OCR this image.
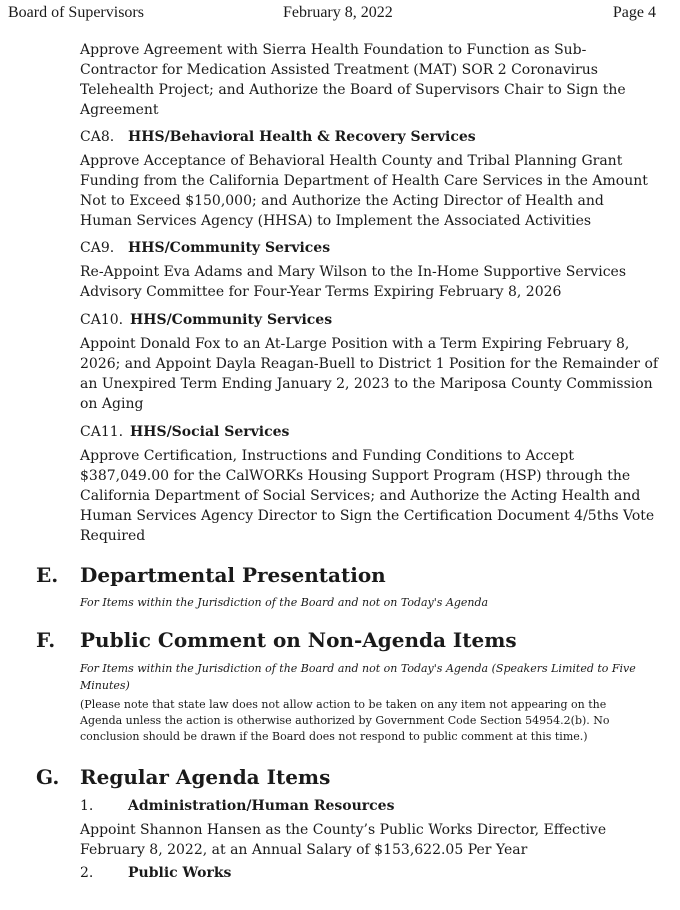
Board of Supervisors	February 8, 2022	Page 4
Approve Agreement with Sierra Health Foundation to Function as Sub-Contractor for Medication Assisted Treatment (MAT) SOR 2 Coronavirus Telehealth Project; and Authorize the Board of Supervisors Chair to Sign the Agreement
CA8. HHS/Behavioral Health & Recovery Services
Approve Acceptance of Behavioral Health County and Tribal Planning Grant Funding from the California Department of Health Care Services in the Amount Not to Exceed $150,000; and Authorize the Acting Director of Health and Human Services Agency (HHSA) to Implement the Associated Activities
CA9. HHS/Community Services
Re-Appoint Eva Adams and Mary Wilson to the In-Home Supportive Services Advisory Committee for Four-Year Terms Expiring February 8, 2026
CA10. HHS/Community Services
Appoint Donald Fox to an At-Large Position with a Term Expiring February 8, 2026; and Appoint Dayla Reagan-Buell to District 1 Position for the Remainder of an Unexpired Term Ending January 2, 2023 to the Mariposa County Commission on Aging
CA11. HHS/Social Services
Approve Certification, Instructions and Funding Conditions to Accept $387,049.00 for the CalWORKs Housing Support Program (HSP) through the California Department of Social Services; and Authorize the Acting Health and Human Services Agency Director to Sign the Certification Document 4/5ths Vote Required
E. Departmental Presentation
For Items within the Jurisdiction of the Board and not on Today's Agenda
F. Public Comment on Non-Agenda Items
For Items within the Jurisdiction of the Board and not on Today's Agenda (Speakers Limited to Five Minutes)
(Please note that state law does not allow action to be taken on any item not appearing on the Agenda unless the action is otherwise authorized by Government Code Section 54954.2(b). No conclusion should be drawn if the Board does not respond to public comment at this time.)
G. Regular Agenda Items
1. Administration/Human Resources
Appoint Shannon Hansen as the County’s Public Works Director, Effective February 8, 2022, at an Annual Salary of $153,622.05 Per Year
2. Public Works
